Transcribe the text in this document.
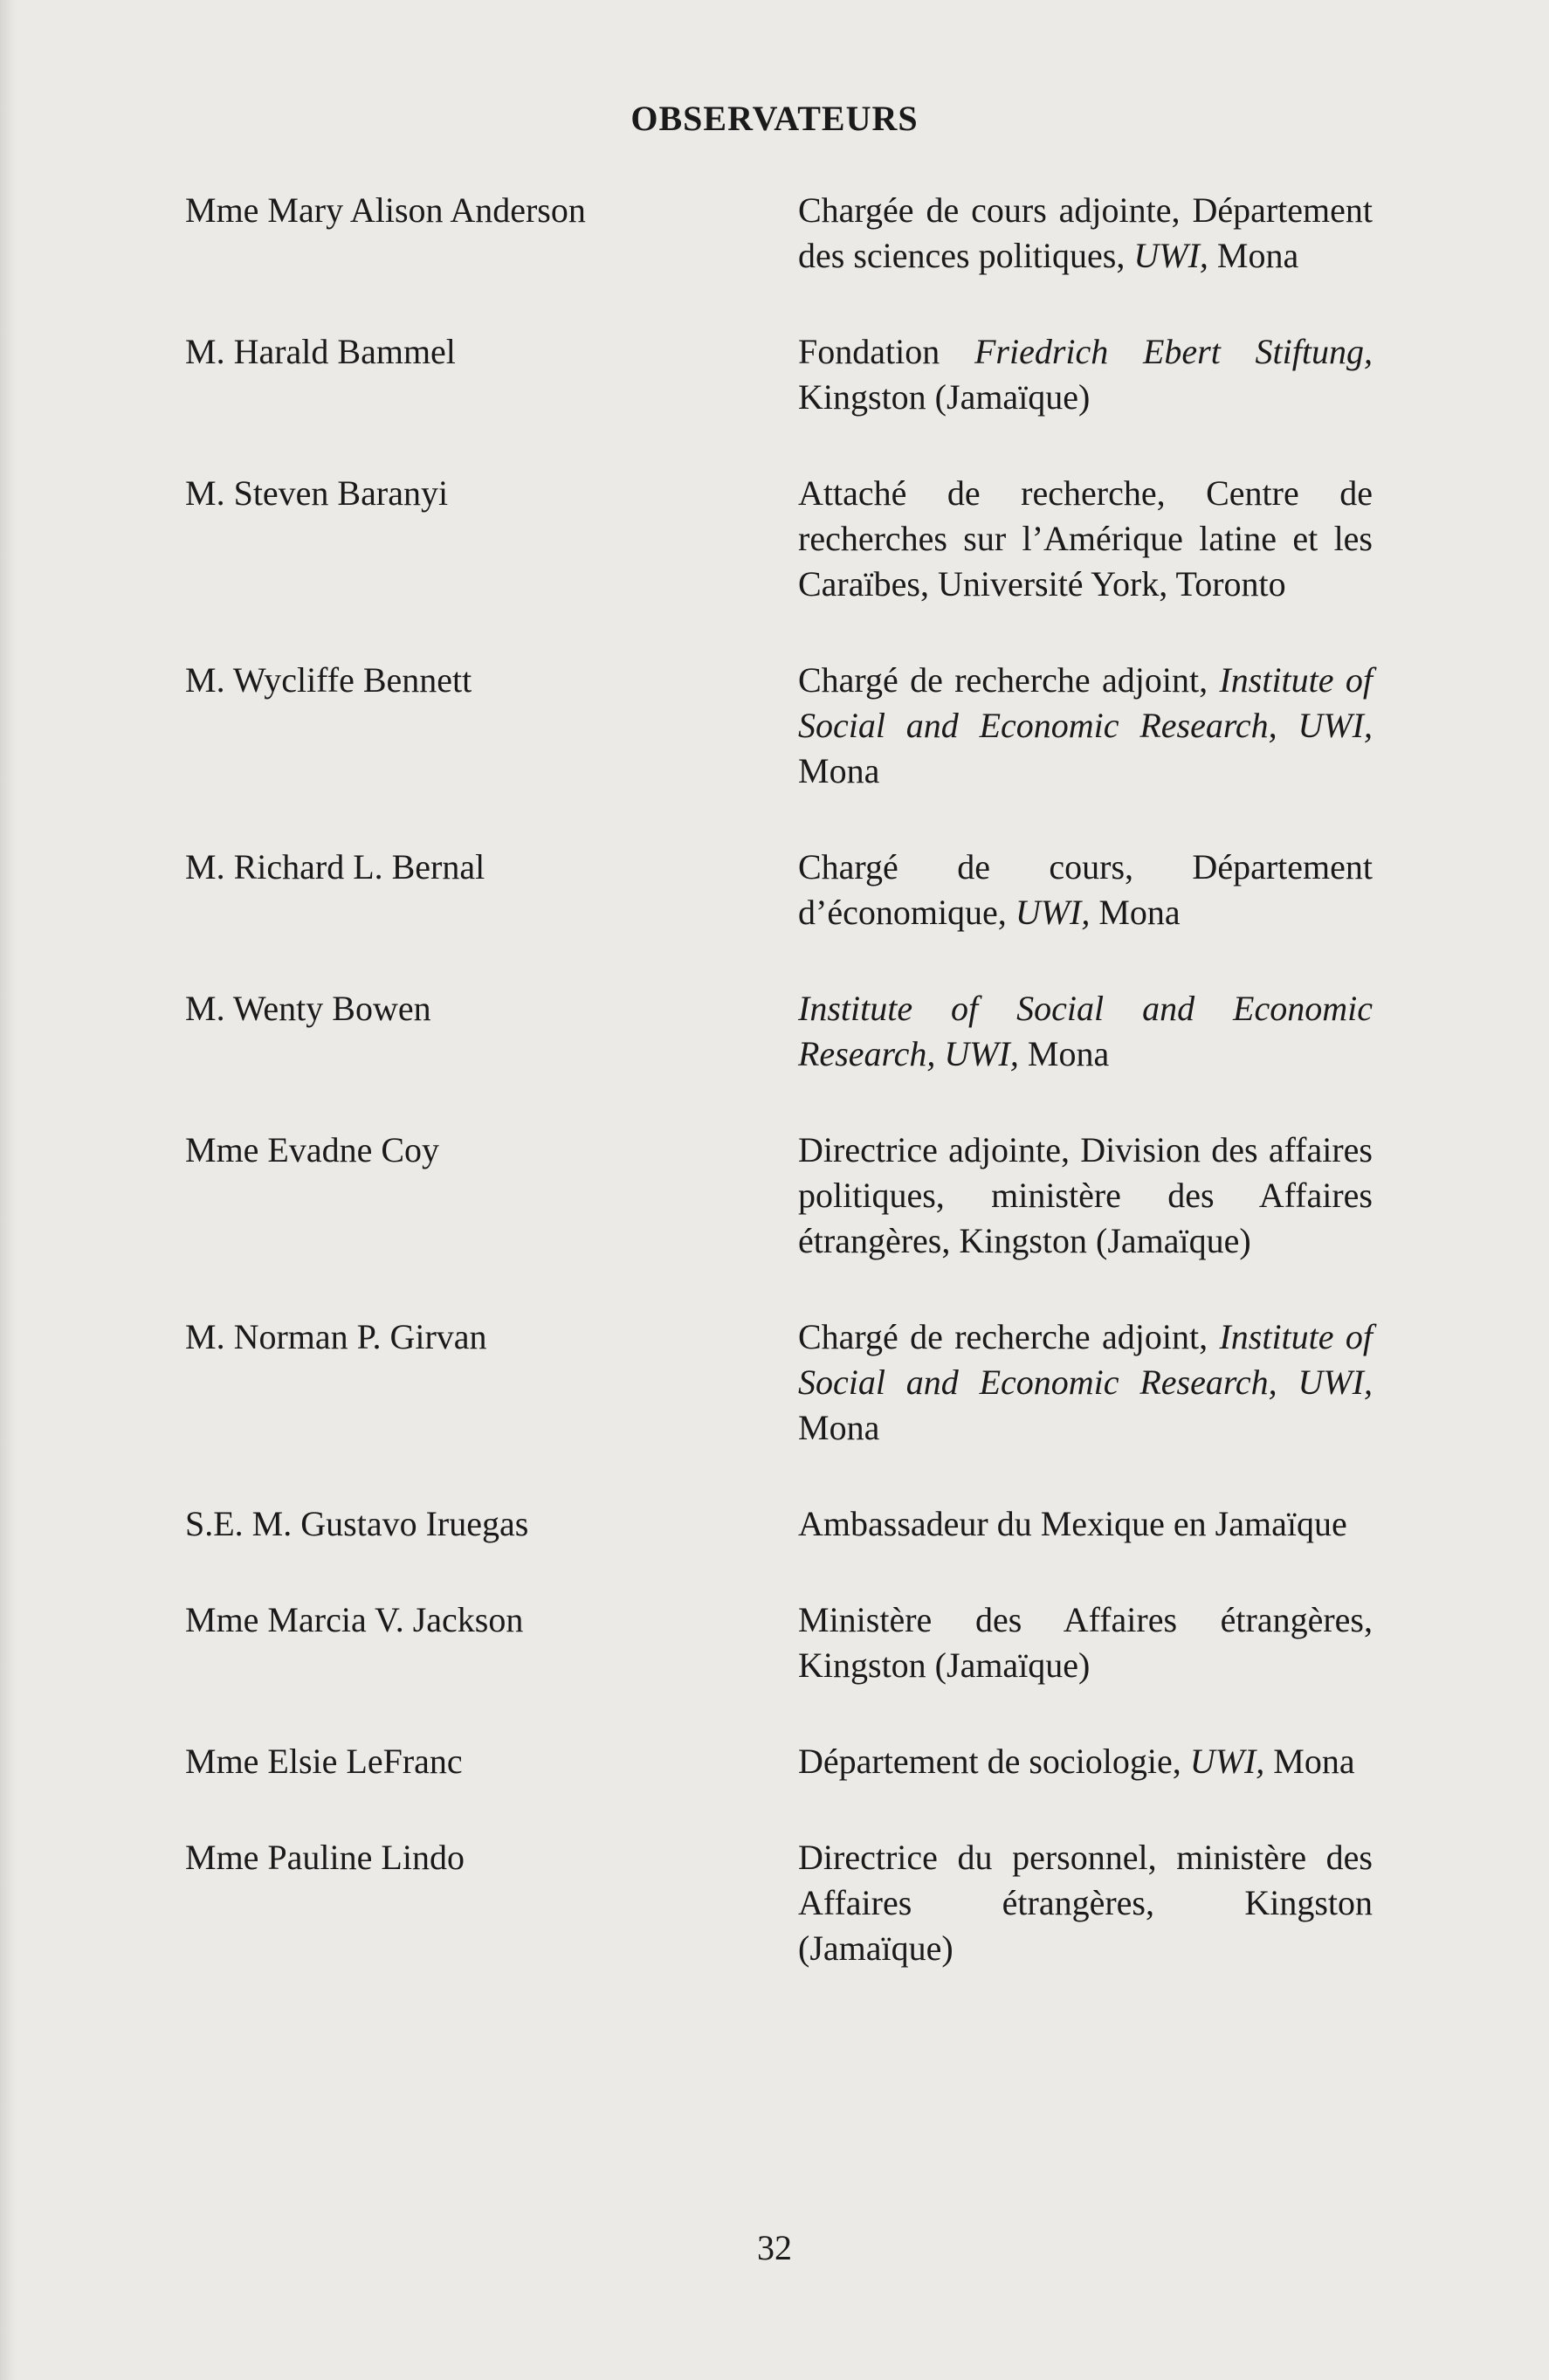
OBSERVATEURS
Mme Mary Alison Anderson	Chargée de cours adjointe, Département des sciences politiques, UWI, Mona
M. Harald Bammel	Fondation Friedrich Ebert Stiftung, Kingston (Jamaïque)
M. Steven Baranyi	Attaché de recherche, Centre de recherches sur l’Amérique latine et les Caraïbes, Université York, Toronto
M. Wycliffe Bennett	Chargé de recherche adjoint, Institute of Social and Economic Research, UWI, Mona
M. Richard L. Bernal	Chargé de cours, Département d’économique, UWI, Mona
M. Wenty Bowen	Institute of Social and Economic Research, UWI, Mona
Mme Evadne Coy	Directrice adjointe, Division des affaires politiques, ministère des Affaires étrangères, Kingston (Jamaïque)
M. Norman P. Girvan	Chargé de recherche adjoint, Institute of Social and Economic Research, UWI, Mona
S.E. M. Gustavo Iruegas	Ambassadeur du Mexique en Jamaïque
Mme Marcia V. Jackson	Ministère des Affaires étrangères, Kingston (Jamaïque)
Mme Elsie LeFranc	Département de sociologie, UWI, Mona
Mme Pauline Lindo	Directrice du personnel, ministère des Affaires étrangères, Kingston (Jamaïque)
32
